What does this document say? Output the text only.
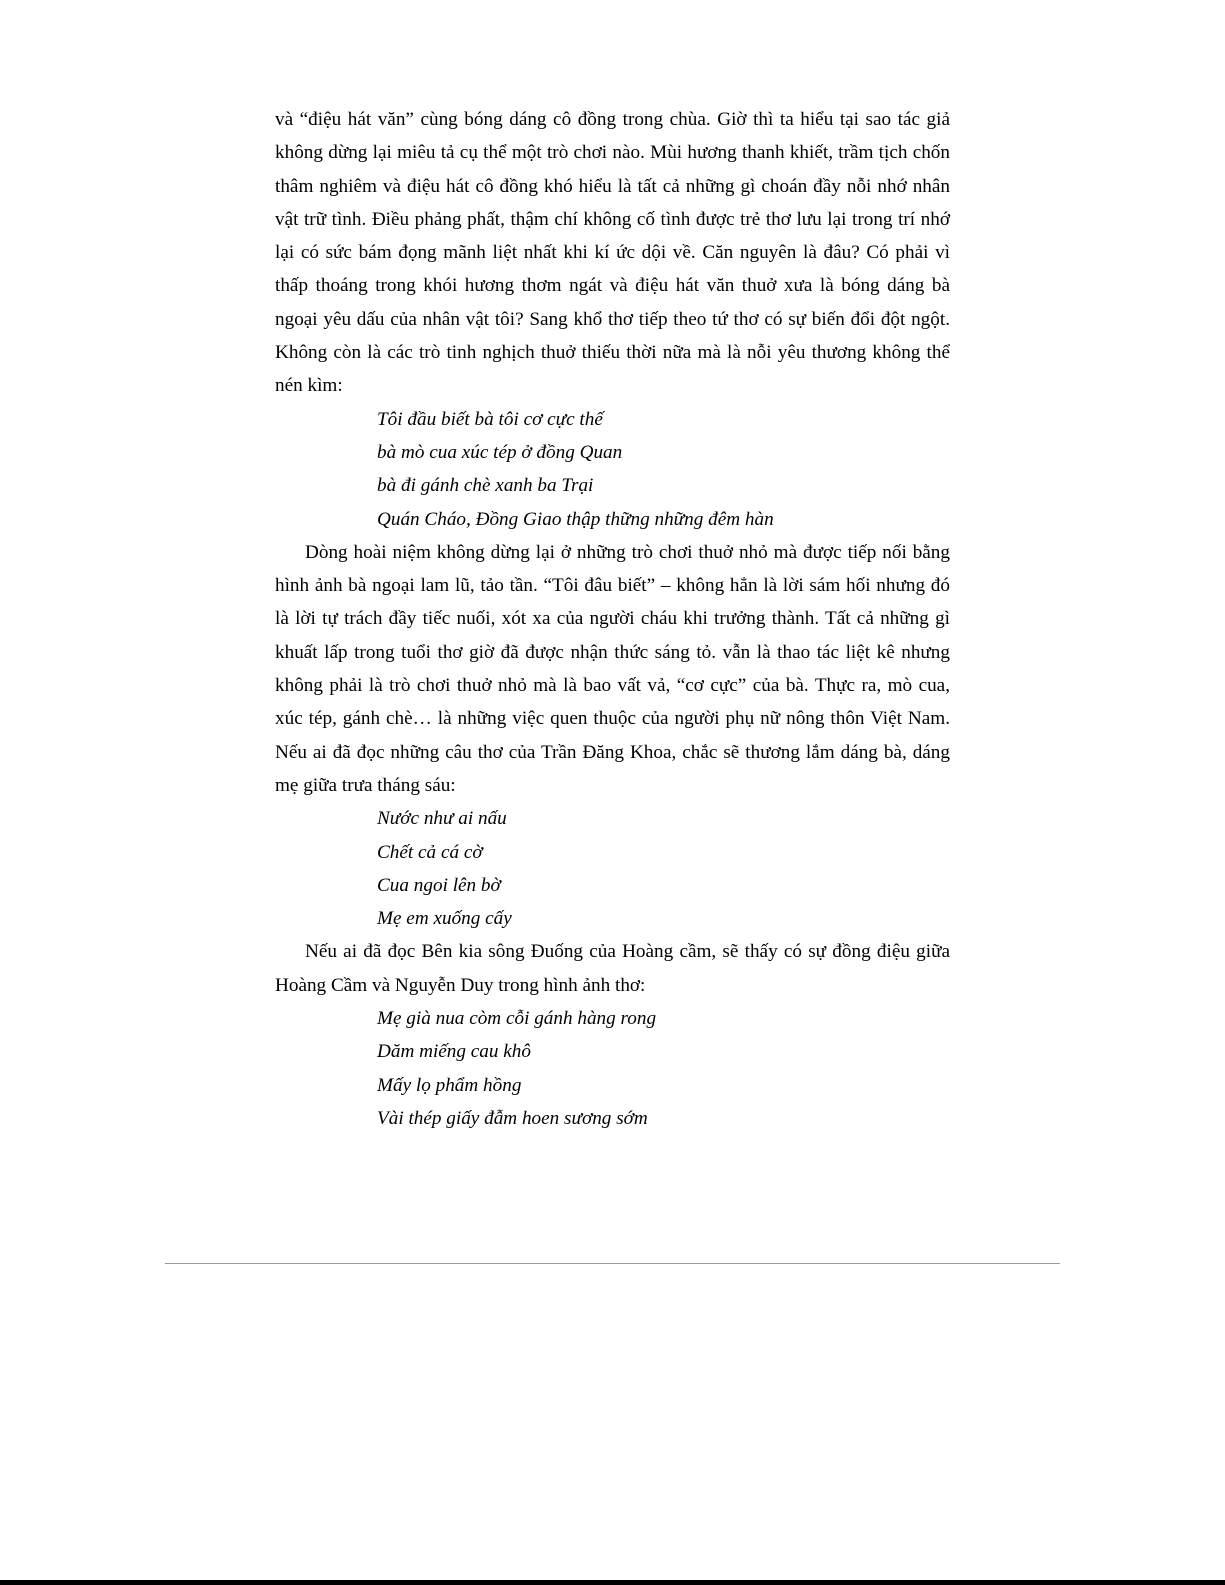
và “điệu hát văn” cùng bóng dáng cô đồng trong chùa. Giờ thì ta hiểu tại sao tác giả không dừng lại miêu tả cụ thể một trò chơi nào. Mùi hương thanh khiết, trầm tịch chốn thâm nghiêm và điệu hát cô đồng khó hiểu là tất cả những gì choán đầy nỗi nhớ nhân vật trữ tình. Điều phảng phất, thậm chí không cố tình được trẻ thơ lưu lại trong trí nhớ lại có sức bám đọng mãnh liệt nhất khi kí ức dội về. Căn nguyên là đâu? Có phải vì thấp thoáng trong khói hương thơm ngát và điệu hát văn thuở xưa là bóng dáng bà ngoại yêu dấu của nhân vật tôi? Sang khổ thơ tiếp theo tứ thơ có sự biến đổi đột ngột. Không còn là các trò tinh nghịch thuở thiếu thời nữa mà là nỗi yêu thương không thể nén kìm:

Tôi đầu biết bà tôi cơ cực thế
bà mò cua xúc tép ở đồng Quan
bà đi gánh chè xanh ba Trại
Quán Cháo, Đồng Giao thập thững những đêm hàn

Dòng hoài niệm không dừng lại ở những trò chơi thuở nhỏ mà được tiếp nối bằng hình ảnh bà ngoại lam lũ, tảo tần. “Tôi đâu biết” – không hẳn là lời sám hối nhưng đó là lời tự trách đầy tiếc nuối, xót xa của người cháu khi trưởng thành. Tất cả những gì khuất lấp trong tuổi thơ giờ đã được nhận thức sáng tỏ. vẫn là thao tác liệt kê nhưng không phải là trò chơi thuở nhỏ mà là bao vất vả, “cơ cực” của bà. Thực ra, mò cua, xúc tép, gánh chè… là những việc quen thuộc của người phụ nữ nông thôn Việt Nam. Nếu ai đã đọc những câu thơ của Trần Đăng Khoa, chắc sẽ thương lắm dáng bà, dáng mẹ giữa trưa tháng sáu:

Nước như ai nấu
Chết cả cá cờ
Cua ngoi lên bờ
Mẹ em xuống cấy

Nếu ai đã đọc Bên kia sông Đuống của Hoàng cầm, sẽ thấy có sự đồng điệu giữa Hoàng Cầm và Nguyễn Duy trong hình ảnh thơ:

Mẹ già nua còm cỗi gánh hàng rong
Dăm miếng cau khô
Mấy lọ phẩm hồng
Vài thép giấy đẫm hoen sương sớm
